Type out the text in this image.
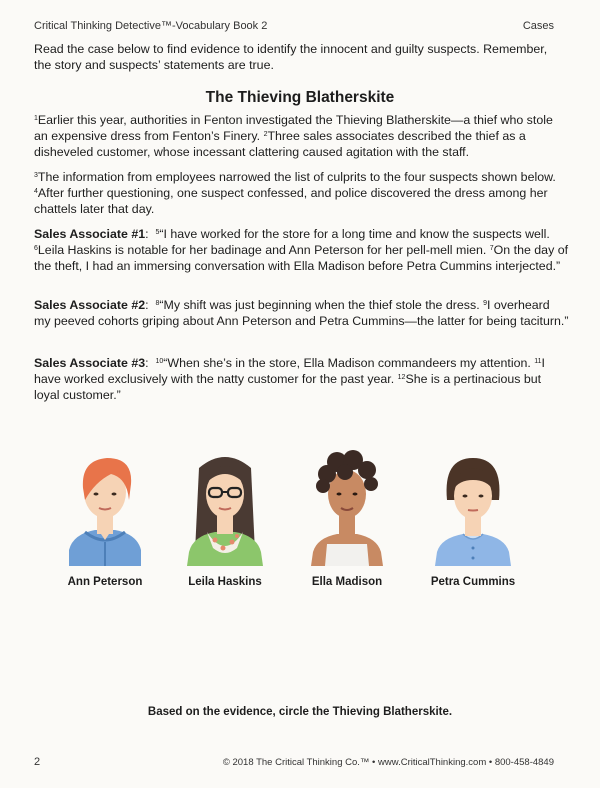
Critical Thinking Detective™-Vocabulary Book 2	Cases
Read the case below to find evidence to identify the innocent and guilty suspects. Remember, the story and suspects’ statements are true.
The Thieving Blatherskite
$^1$Earlier this year, authorities in Fenton investigated the Thieving Blatherskite—a thief who stole an expensive dress from Fenton’s Finery. $^2$Three sales associates described the thief as a disheveled customer, whose incessant clattering caused agitation with the staff.
$^3$The information from employees narrowed the list of culprits to the four suspects shown below.
$^4$After further questioning, one suspect confessed, and police discovered the dress among her chattels later that day.
Sales Associate #1:  $^5$“I have worked for the store for a long time and know the suspects well. $^6$Leila Haskins is notable for her badinage and Ann Peterson for her pell-mell mien. $^7$On the day of the theft, I had an immersing conversation with Ella Madison before Petra Cummins interjected.”
Sales Associate #2:  $^8$“My shift was just beginning when the thief stole the dress. $^9$I overheard my peeved cohorts griping about Ann Peterson and Petra Cummins—the latter for being taciturn.”
Sales Associate #3:  $^{10}$“When she’s in the store, Ella Madison commandeers my attention. $^{11}$I have worked exclusively with the natty customer for the past year. $^{12}$She is a pertinacious but loyal customer.”
Ann Peterson	Leila Haskins	Ella Madison	Petra Cummins
Based on the evidence, circle the Thieving Blatherskite.
2	© 2018 The Critical Thinking Co.™ • www.CriticalThinking.com • 800-458-4849
